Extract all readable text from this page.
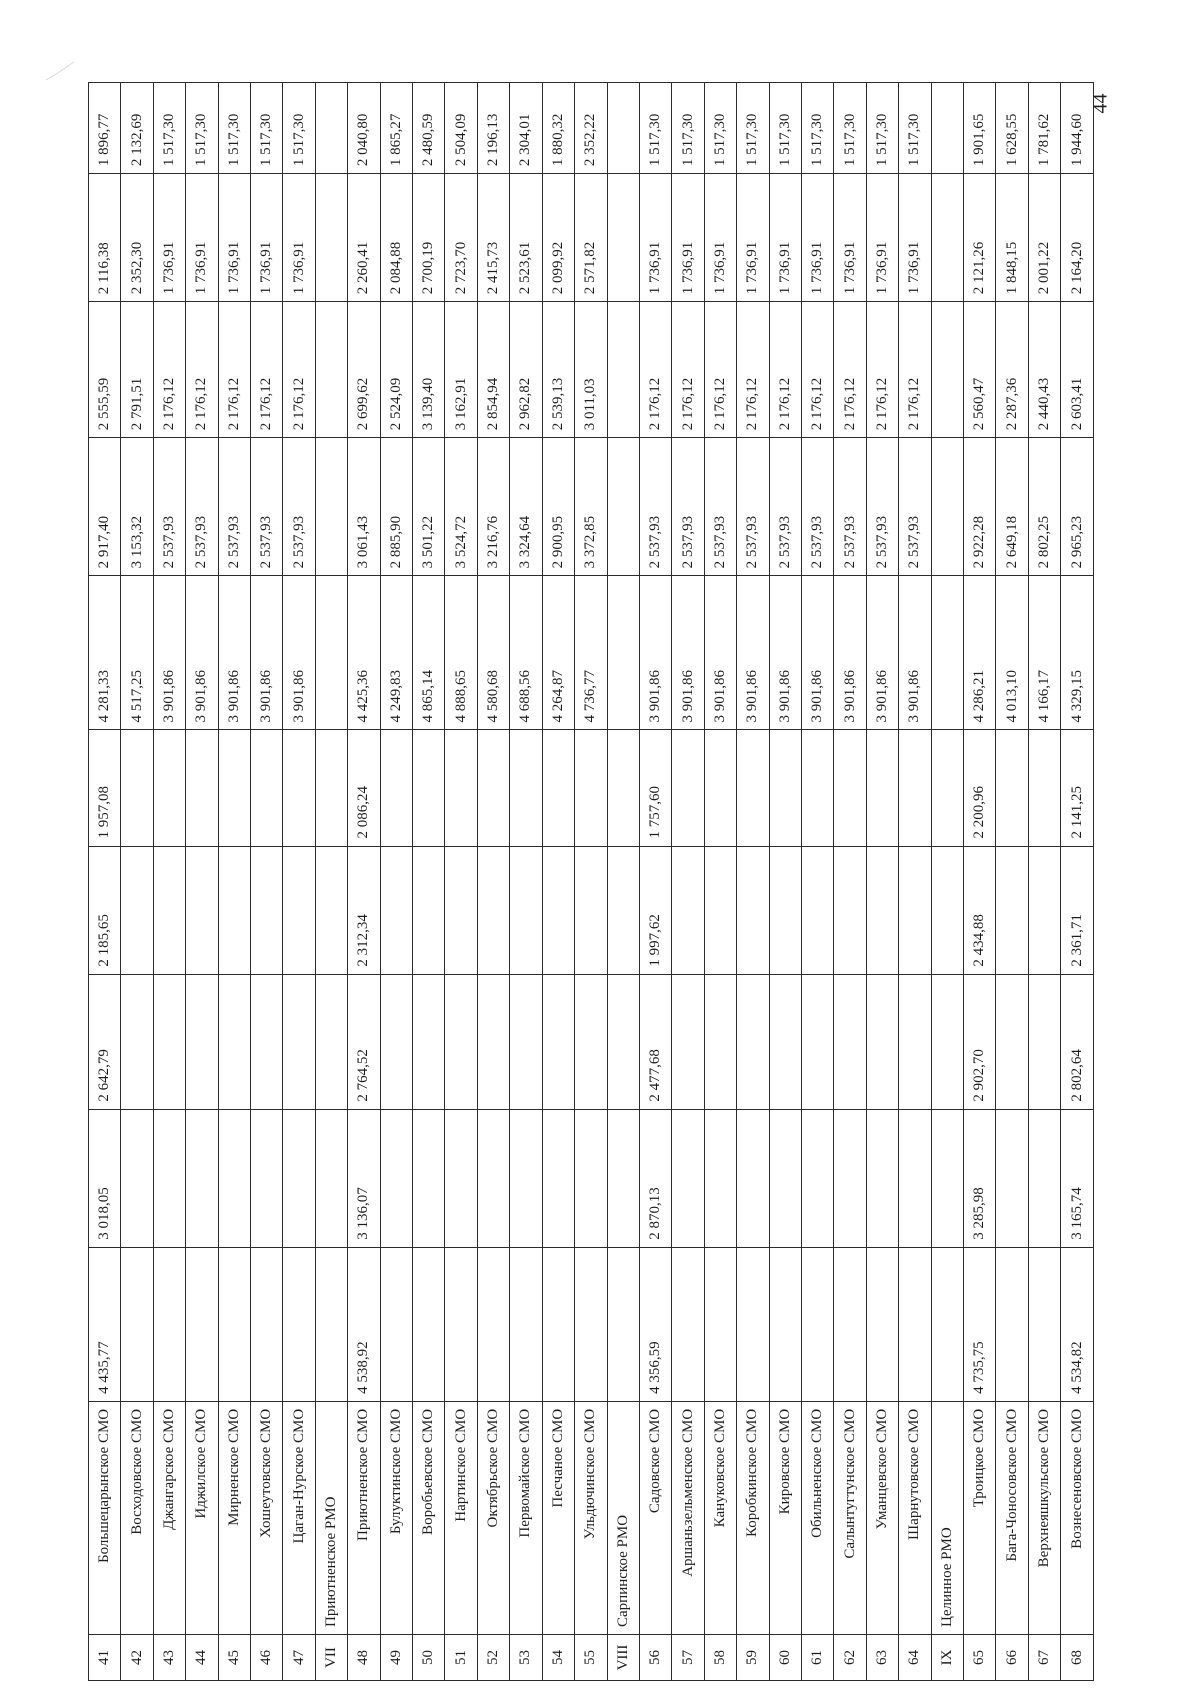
41	Большецарынское СМО	4 435,77	3 018,05	2 642,79	2 185,65	1 957,08	4 281,33	2 917,40	2 555,59	2 116,38	1 896,77
42	Восходовское СМО						4 517,25	3 153,32	2 791,51	2 352,30	2 132,69
43	Джангарское СМО						3 901,86	2 537,93	2 176,12	1 736,91	1 517,30
44	Иджилское СМО						3 901,86	2 537,93	2 176,12	1 736,91	1 517,30
45	Мирненское СМО						3 901,86	2 537,93	2 176,12	1 736,91	1 517,30
46	Хошеутовское СМО						3 901,86	2 537,93	2 176,12	1 736,91	1 517,30
47	Цаган-Нурское СМО						3 901,86	2 537,93	2 176,12	1 736,91	1 517,30
VII	Приютненское РМО										
48	Приютненское СМО	4 538,92	3 136,07	2 764,52	2 312,34	2 086,24	4 425,36	3 061,43	2 699,62	2 260,41	2 040,80
49	Булуктинское СМО						4 249,83	2 885,90	2 524,09	2 084,88	1 865,27
50	Воробьевское СМО						4 865,14	3 501,22	3 139,40	2 700,19	2 480,59
51	Нартинское СМО						4 888,65	3 524,72	3 162,91	2 723,70	2 504,09
52	Октябрьское СМО						4 580,68	3 216,76	2 854,94	2 415,73	2 196,13
53	Первомайское СМО						4 688,56	3 324,64	2 962,82	2 523,61	2 304,01
54	Песчаное СМО						4 264,87	2 900,95	2 539,13	2 099,92	1 880,32
55	Ульдючинское СМО						4 736,77	3 372,85	3 011,03	2 571,82	2 352,22
VIII	Сарпинское РМО										
56	Садовское СМО	4 356,59	2 870,13	2 477,68	1 997,62	1 757,60	3 901,86	2 537,93	2 176,12	1 736,91	1 517,30
57	Аршаньзельменское СМО						3 901,86	2 537,93	2 176,12	1 736,91	1 517,30
58	Кануковское СМО						3 901,86	2 537,93	2 176,12	1 736,91	1 517,30
59	Коробкинское СМО						3 901,86	2 537,93	2 176,12	1 736,91	1 517,30
60	Кировское СМО						3 901,86	2 537,93	2 176,12	1 736,91	1 517,30
61	Обильненское СМО						3 901,86	2 537,93	2 176,12	1 736,91	1 517,30
62	Салынтугтунское СМО						3 901,86	2 537,93	2 176,12	1 736,91	1 517,30
63	Уманцевское СМО						3 901,86	2 537,93	2 176,12	1 736,91	1 517,30
64	Шарнутовское СМО						3 901,86	2 537,93	2 176,12	1 736,91	1 517,30
IX	Целинное РМО										
65	Троицкое СМО	4 735,75	3 285,98	2 902,70	2 434,88	2 200,96	4 286,21	2 922,28	2 560,47	2 121,26	1 901,65
66	Бага-Чоносовское СМО						4 013,10	2 649,18	2 287,36	1 848,15	1 628,55
67	Верхнеяшкульское СМО						4 166,17	2 802,25	2 440,43	2 001,22	1 781,62
68	Вознесеновское СМО	4 534,82	3 165,74	2 802,64	2 361,71	2 141,25	4 329,15	2 965,23	2 603,41	2 164,20	1 944,60
44
